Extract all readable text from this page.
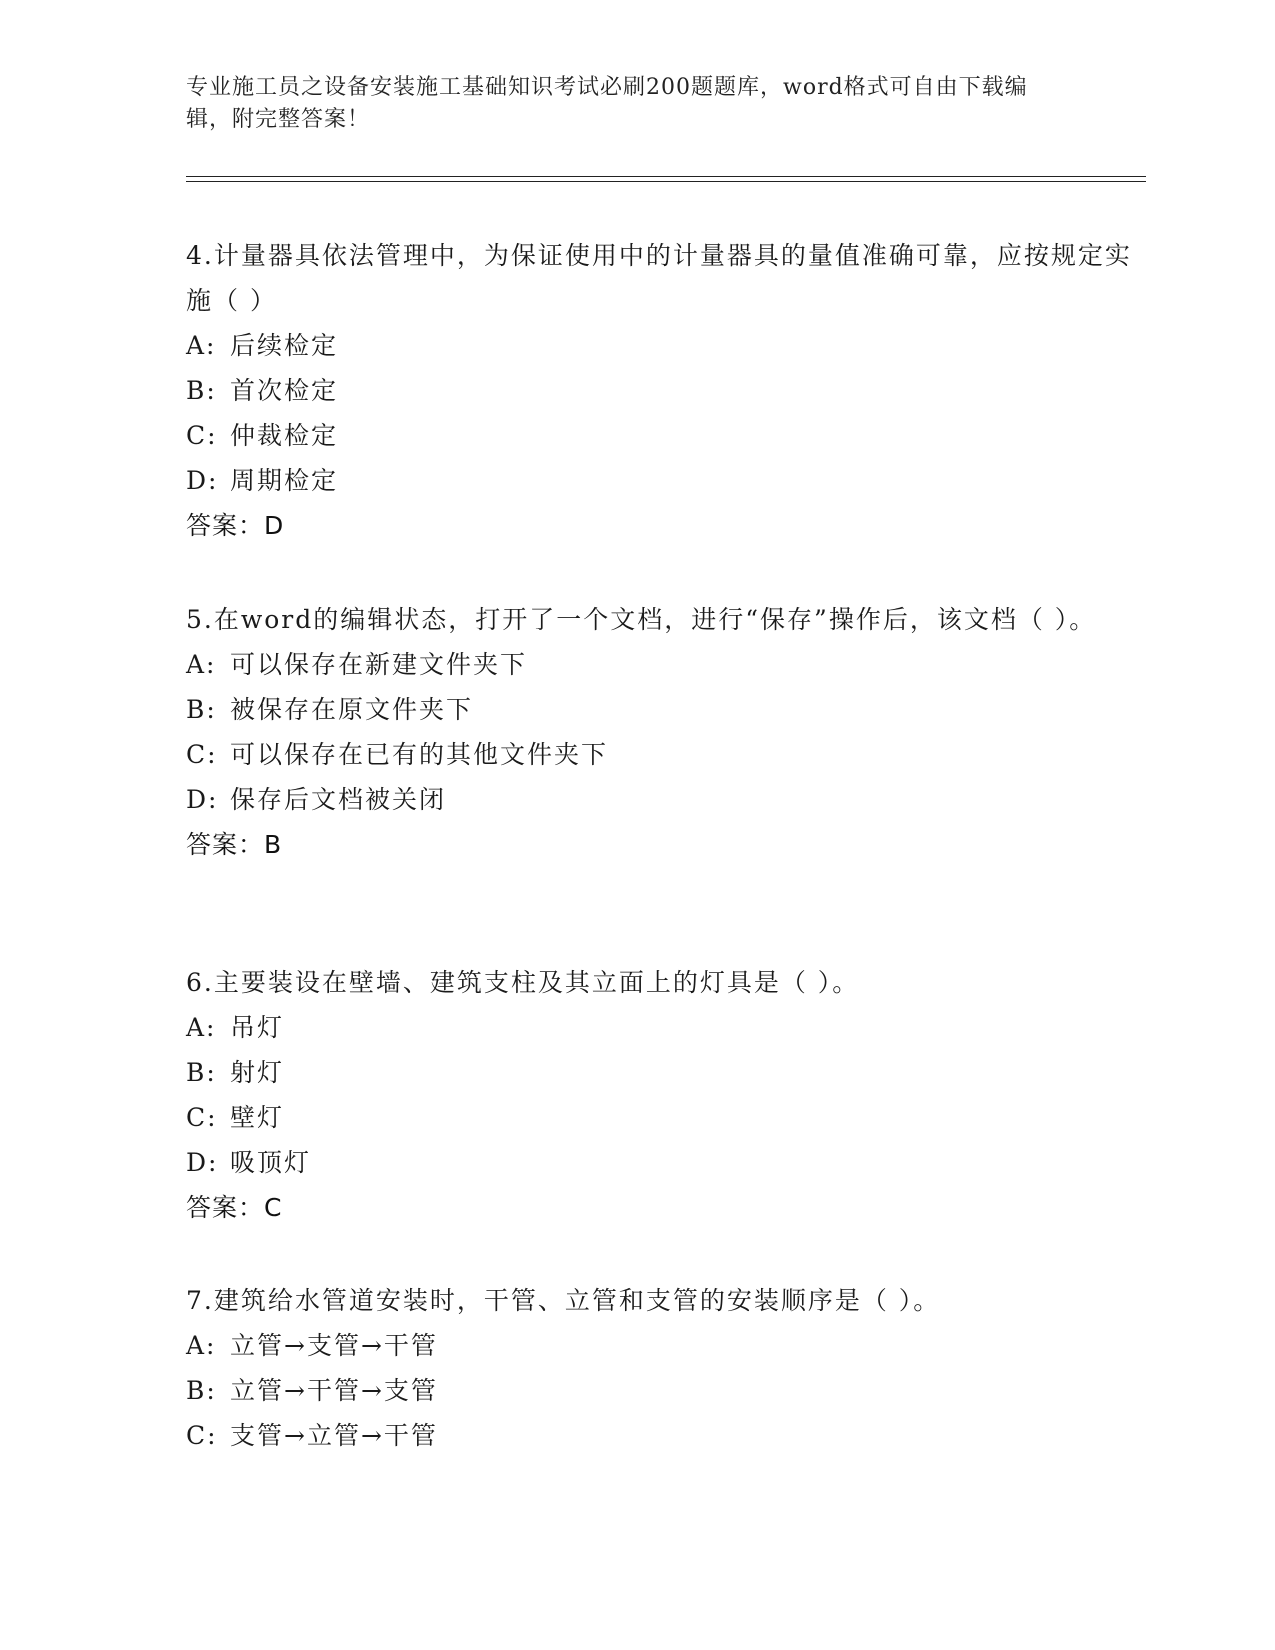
专业施工员之设备安装施工基础知识考试必刷200题题库，word格式可自由下载编辑，附完整答案！

4.计量器具依法管理中，为保证使用中的计量器具的量值准确可靠，应按规定实施（ ）

A: 后续检定

B: 首次检定

C: 仲裁检定

D: 周期检定

答案：D

5.在word的编辑状态，打开了一个文档，进行“保存”操作后，该文档（ ）。

A: 可以保存在新建文件夹下

B: 被保存在原文件夹下

C: 可以保存在已有的其他文件夹下

D: 保存后文档被关闭

答案：B

6.主要装设在壁墙、建筑支柱及其立面上的灯具是（ ）。

A: 吊灯

B: 射灯

C: 壁灯

D: 吸顶灯

答案：C

7.建筑给水管道安装时，干管、立管和支管的安装顺序是（ ）。

A: 立管→支管→干管

B: 立管→干管→支管

C: 支管→立管→干管
